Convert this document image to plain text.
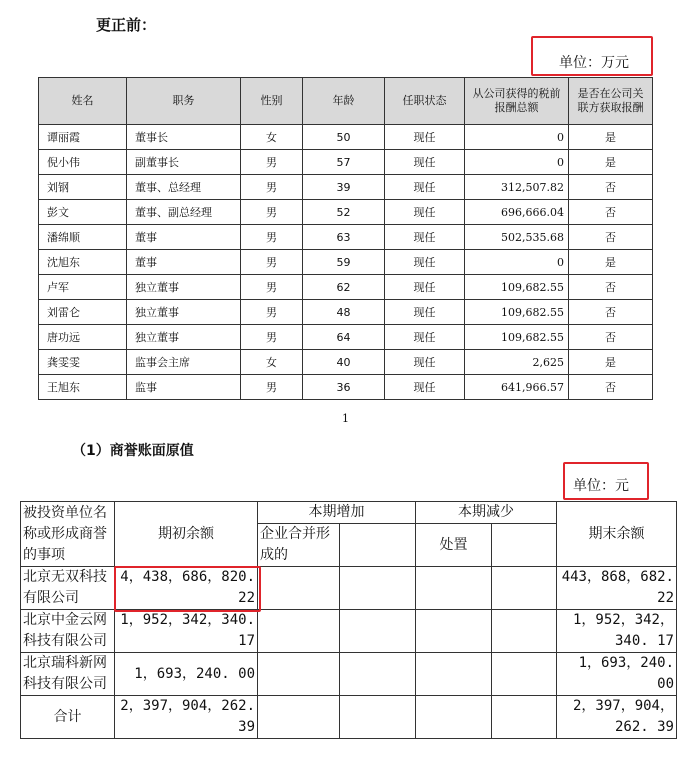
更正前：
单位：万元
姓名	职务	性别	年龄	任职状态	从公司获得的税前报酬总额	是否在公司关联方获取报酬
谭丽霞	董事长	女	50	现任	0	是
倪小伟	副董事长	男	57	现任	0	是
刘钢	董事、总经理	男	39	现任	312,507.82	否
彭文	董事、副总经理	男	52	现任	696,666.04	否
潘绵顺	董事	男	63	现任	502,535.68	否
沈旭东	董事	男	59	现任	0	是
卢军	独立董事	男	62	现任	109,682.55	否
刘雷仑	独立董事	男	48	现任	109,682.55	否
唐功远	独立董事	男	64	现任	109,682.55	否
龚雯雯	监事会主席	女	40	现任	2,625	是
王旭东	监事	男	36	现任	641,966.57	否
1
（1）商誉账面原值
单位：元
被投资单位名称或形成商誉的事项	期初余额	本期增加		本期减少		期末余额
		企业合并形成的		处置		

北京无双科技有限公司	4，438，686，820. 22					443，868，682. 22
北京中金云网科技有限公司	1，952，342，340. 17					1，952，342，340. 17
北京瑞科新网科技有限公司	1，693，240. 00					1，693，240. 00
合计	2，397，904，262. 39					2，397，904，262. 39
